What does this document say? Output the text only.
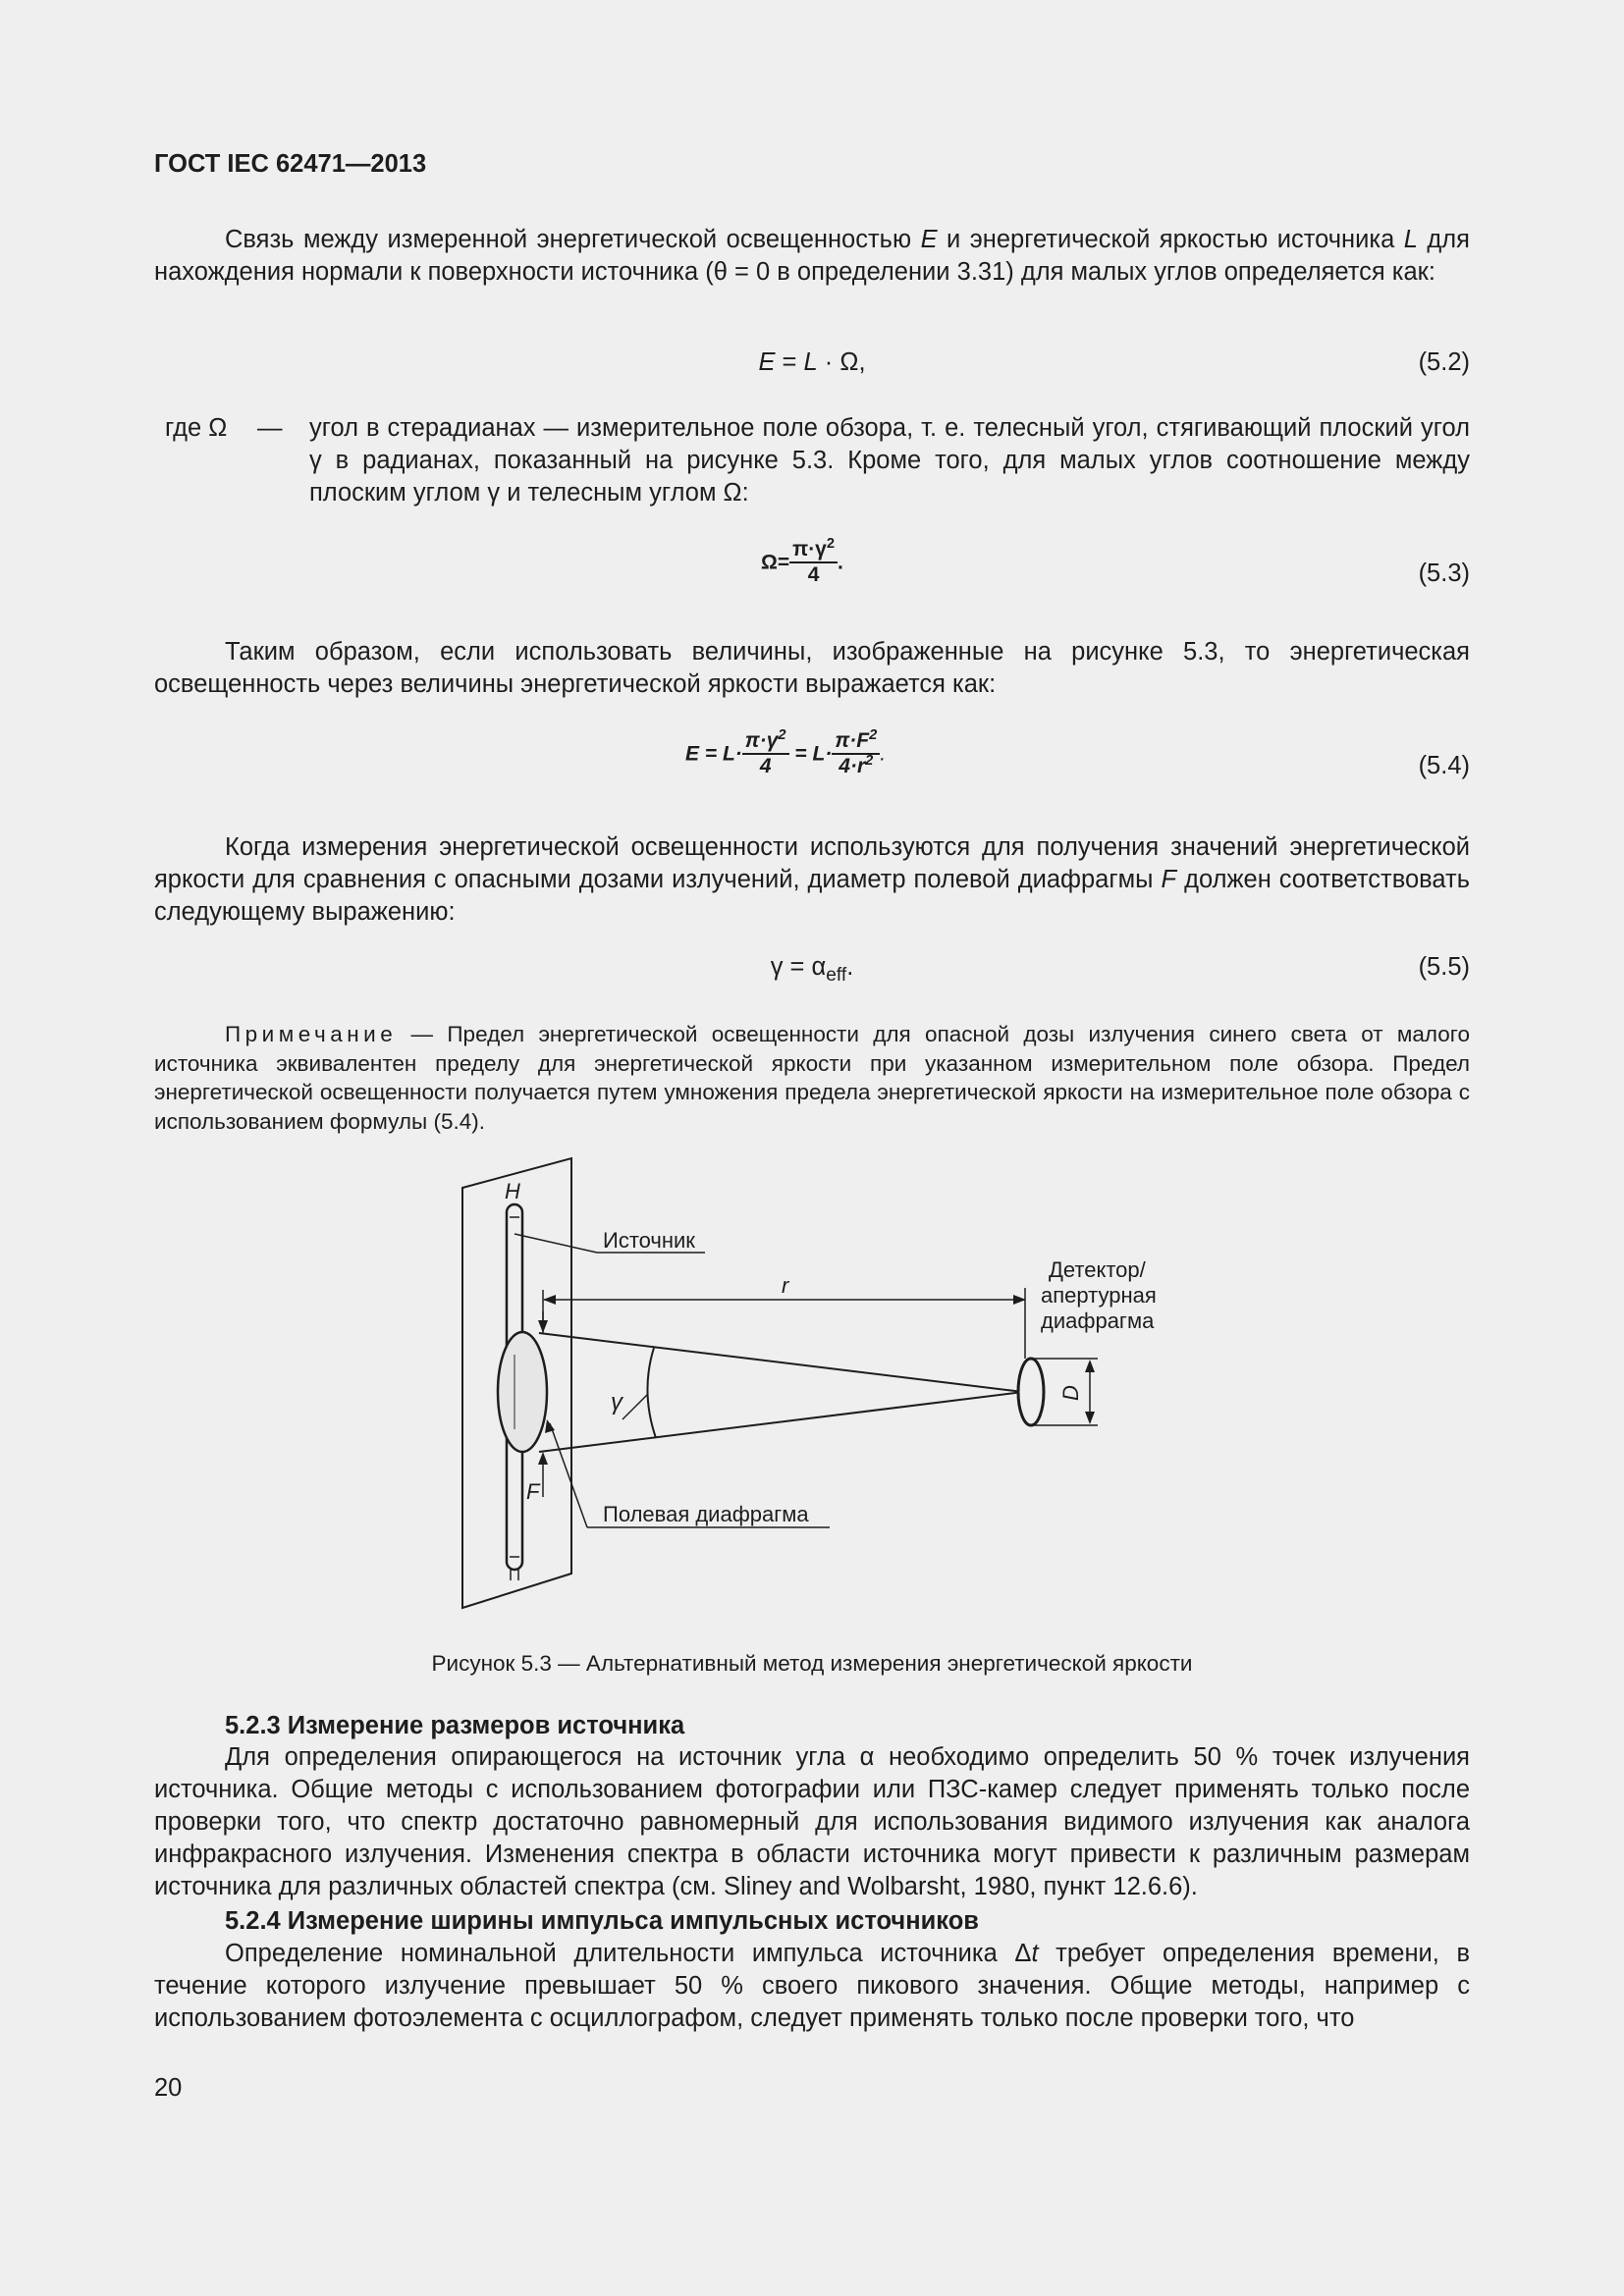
ГОСТ IEC 62471—2013
Связь между измеренной энергетической освещенностью E и энергетической яркостью источника L для нахождения нормали к поверхности источника (θ = 0 в определении 3.31) для малых углов определяется как:
E = L · Ω,	(5.2)
где Ω — угол в стерадианах — измерительное поле обзора, т. е. телесный угол, стягивающий плоский угол γ в радианах, показанный на рисунке 5.3. Кроме того, для малых углов соотношение между плоским углом γ и телесным углом Ω:
$\Omega= \frac{\pi\cdot\gamma^2}{4}$ .	(5.3)
Таким образом, если использовать величины, изображенные на рисунке 5.3, то энергетическая освещенность через величины энергетической яркости выражается как:
$E = L\cdot \frac{\pi\cdot\gamma^2}{4} = L\cdot \frac{\pi\cdot F^2}{4\cdot r^2}$ .	(5.4)
Когда измерения энергетической освещенности используются для получения значений энергетической яркости для сравнения с опасными дозами излучений, диаметр полевой диафрагмы F должен соответствовать следующему выражению:
$\gamma = \alpha_{eff}$.	(5.5)
Примечание — Предел энергетической освещенности для опасной дозы излучения синего света от малого источника эквивалентен пределу для энергетической яркости при указанном измерительном поле обзора. Предел энергетической освещенности получается путем умножения предела энергетической яркости на измерительное поле обзора с использованием формулы (5.4).
H
Источник
r
Детектор/
апертурная
диафрагма
D
γ
F
Полевая диафрагма
Рисунок 5.3 — Альтернативный метод измерения энергетической яркости
5.2.3 Измерение размеров источника
Для определения опирающегося на источник угла α необходимо определить 50 % точек излучения источника. Общие методы с использованием фотографии или ПЗС-камер следует применять только после проверки того, что спектр достаточно равномерный для использования видимого излучения как аналога инфракрасного излучения. Изменения спектра в области источника могут привести к различным размерам источника для различных областей спектра (см. Sliney and Wolbarsht, 1980, пункт 12.6.6).
5.2.4 Измерение ширины импульса импульсных источников
Определение номинальной длительности импульса источника Δt требует определения времени, в течение которого излучение превышает 50 % своего пикового значения. Общие методы, например с использованием фотоэлемента с осциллографом, следует применять только после проверки того, что
20
